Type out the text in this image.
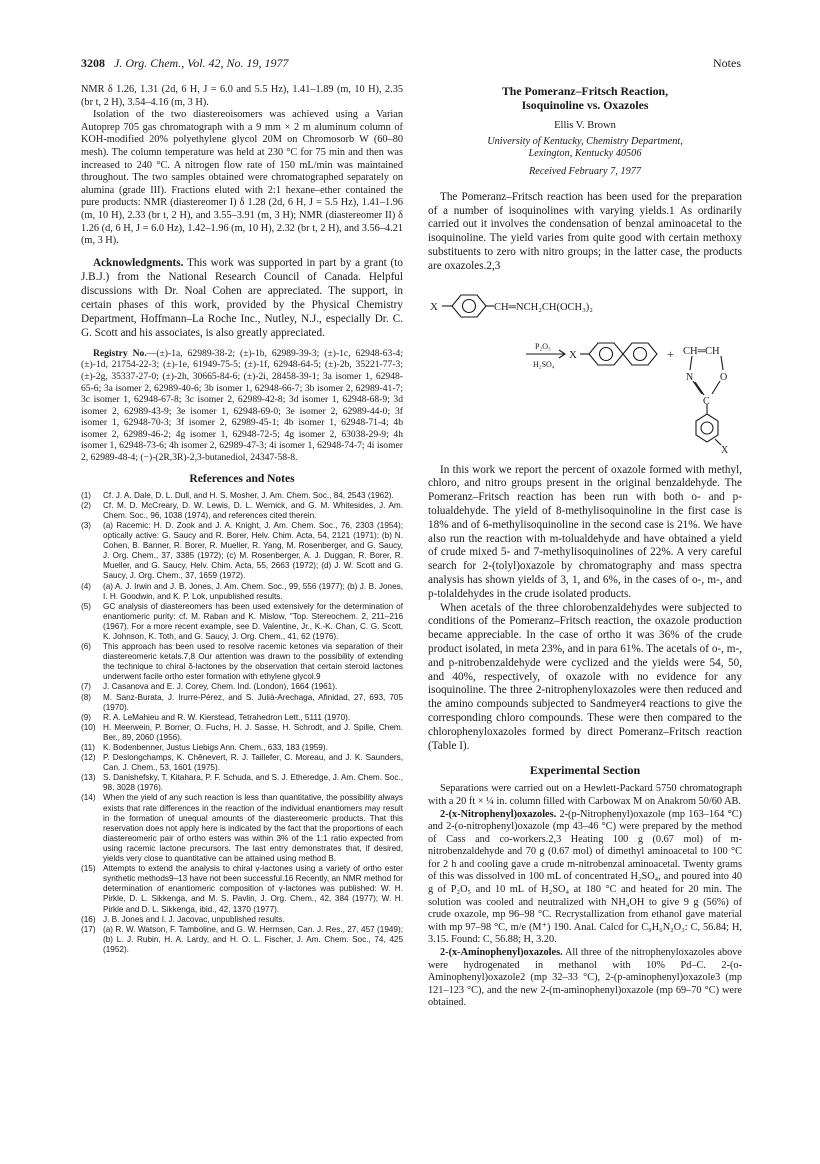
3208 J. Org. Chem., Vol. 42, No. 19, 1977	Notes

NMR δ 1.26, 1.31 (2d, 6 H, J = 6.0 and 5.5 Hz), 1.41–1.89 (m, 10 H), 2.35 (br t, 2 H), 3.54–4.16 (m, 3 H).

Isolation of the two diastereoisomers was achieved using a Varian Autoprep 705 gas chromatograph with a 9 mm × 2 m aluminum column of KOH-modified 20% polyethylene glycol 20M on Chromosorb W (60–80 mesh). The column temperature was held at 230 °C for 75 min and then was increased to 240 °C. A nitrogen flow rate of 150 mL/min was maintained throughout. The two samples obtained were chromatographed separately on alumina (grade III). Fractions eluted with 2:1 hexane–ether contained the pure products: NMR (diastereomer I) δ 1.28 (2d, 6 H, J = 5.5 Hz), 1.41–1.96 (m, 10 H), 2.33 (br t, 2 H), and 3.55–3.91 (m, 3 H); NMR (diastereomer II) δ 1.26 (d, 6 H, J = 6.0 Hz), 1.42–1.96 (m, 10 H), 2.32 (br t, 2 H), and 3.56–4.21 (m, 3 H).

Acknowledgments. This work was supported in part by a grant (to J.B.J.) from the National Research Council of Canada. Helpful discussions with Dr. Noal Cohen are appreciated. The support, in certain phases of this work, provided by the Physical Chemistry Department, Hoffmann–La Roche Inc., Nutley, N.J., especially Dr. C. G. Scott and his associates, is also greatly appreciated.

Registry No.—(±)-1a, 62989-38-2; (±)-1b, 62989-39-3; (±)-1c, 62948-63-4; (±)-1d, 21754-22-3; (±)-1e, 61949-75-5; (±)-1f, 62948-64-5; (±)-2b, 35221-77-3; (±)-2g, 35337-27-0; (±)-2h, 30665-84-6; (±)-2i, 28458-39-1; 3a isomer 1, 62948-65-6; 3a isomer 2, 62989-40-6; 3b isomer 1, 62948-66-7; 3b isomer 2, 62989-41-7; 3c isomer 1, 62948-67-8; 3c isomer 2, 62989-42-8; 3d isomer 1, 62948-68-9; 3d isomer 2, 62989-43-9; 3e isomer 1, 62948-69-0; 3e isomer 2, 62989-44-0; 3f isomer 1, 62948-70-3; 3f isomer 2, 62989-45-1; 4b isomer 1, 62948-71-4; 4b isomer 2, 62989-46-2; 4g isomer 1, 62948-72-5; 4g isomer 2, 63038-29-9; 4h isomer 1, 62948-73-6; 4h isomer 2, 62989-47-3; 4i isomer 1, 62948-74-7; 4i isomer 2, 62989-48-4; (−)-(2R,3R)-2,3-butanediol, 24347-58-8.

References and Notes
(1) Cf. J. A. Dale, D. L. Dull, and H. S. Mosher, J. Am. Chem. Soc., 84, 2543 (1962).
(2) Cf. M. D. McCreary, D. W. Lewis, D. L. Wernick, and G. M. Whitesides, J. Am. Chem. Soc., 96, 1038 (1974), and references cited therein.
(3) (a) Racemic: H. D. Zook and J. A. Knight, J. Am. Chem. Soc., 76, 2303 (1954); optically active: G. Saucy and R. Borer, Helv. Chim. Acta, 54, 2121 (1971); (b) N. Cohen, B. Banner, R. Borer, R. Mueller, R. Yang, M. Rosenberger, and G. Saucy, J. Org. Chem., 37, 3385 (1972); (c) M. Rosenberger, A. J. Duggan, R. Borer, R. Mueller, and G. Saucy, Helv. Chim. Acta, 55, 2663 (1972); (d) J. W. Scott and G. Saucy, J. Org. Chem., 37, 1659 (1972).
(4) (a) A. J. Irwin and J. B. Jones, J. Am. Chem. Soc., 99, 556 (1977); (b) J. B. Jones, I. H. Goodwin, and K. P. Lok, unpublished results.
(5) GC analysis of diastereomers has been used extensively for the determination of enantiomeric purity: cf. M. Raban and K. Mislow, "Top. Stereochem. 2, 211–216 (1967). For a more recent example, see D. Valentine, Jr., K.-K. Chan, C. G. Scott, K. Johnson, K. Toth, and G. Saucy, J. Org. Chem., 41, 62 (1976).
(6) This approach has been used to resolve racemic ketones via separation of their diastereomeric ketals.7,8 Our attention was drawn to the possibility of extending the technique to chiral δ-lactones by the observation that certain steroid lactones underwent facile ortho ester formation with ethylene glycol.9
(7) J. Casanova and E. J. Corey, Chem. Ind. (London), 1664 (1961).
(8) M. Sanz-Burata, J. Irurre-Pérez, and S. Julià-Arechaga, Afinidad, 27, 693, 705 (1970).
(9) R. A. LeMahieu and R. W. Kierstead, Tetrahedron Lett., 5111 (1970).
(10) H. Meerwein, P. Borner, O. Fuchs, H. J. Sasse, H. Schrodt, and J. Spille, Chem. Ber., 89, 2060 (1956).
(11) K. Bodenbenner, Justus Liebigs Ann. Chem., 633, 183 (1959).
(12) P. Deslongchamps, K. Chênevert, R. J. Taillefer, C. Moreau, and J. K. Saunders, Can. J. Chem., 53, 1601 (1975).
(13) S. Danishefsky, T. Kitahara, P. F. Schuda, and S. J. Etheredge, J. Am. Chem. Soc., 98, 3028 (1976).
(14) When the yield of any such reaction is less than quantitative, the possibility always exists that rate differences in the reaction of the individual enantiomers may result in the formation of unequal amounts of the diastereomeric products. That this reservation does not apply here is indicated by the fact that the proportions of each diastereomeric pair of ortho esters was within 3% of the 1:1 ratio expected from using racemic lactone precursors. The last entry demonstrates that, if desired, yields very close to quantitative can be attained using method B.
(15) Attempts to extend the analysis to chiral γ-lactones using a variety of ortho ester synthetic methods9–13 have not been successful.16 Recently, an NMR method for determination of enantiomeric composition of γ-lactones was published: W. H. Pirkle, D. L. Sikkenga, and M. S. Pavlin, J. Org. Chem., 42, 384 (1977); W. H. Pirkle and D. L. Sikkenga, ibid., 42, 1370 (1977).
(16) J. B. Jones and I. J. Jacovac, unpublished results.
(17) (a) R. W. Watson, F. Tamboline, and G. W. Hermsen, Can. J. Res., 27, 457 (1949); (b) L. J. Rubin, H. A. Lardy, and H. O. L. Fischer, J. Am. Chem. Soc., 74, 425 (1952).
The Pomeranz–Fritsch Reaction,
Isoquinoline vs. Oxazoles
Ellis V. Brown
University of Kentucky, Chemistry Department,
Lexington, Kentucky 40506
Received February 7, 1977

The Pomeranz–Fritsch reaction has been used for the preparation of a number of isoquinolines with varying yields.1 As ordinarily carried out it involves the condensation of benzal aminoacetal to the isoquinoline. The yield varies from quite good with certain methoxy substituents to zero with nitro groups; in the latter case, the products are oxazoles.2,3

X	CH═NCH₂CH(OCH₃)₂
P₂O₅
H₂SO₄
X	+ CH═CH
N	O
C
X

In this work we report the percent of oxazole formed with methyl, chloro, and nitro groups present in the original benzaldehyde. The Pomeranz–Fritsch reaction has been run with both o- and p-tolualdehyde. The yield of 8-methylisoquinoline in the first case is 18% and of 6-methylisoquinoline in the second case is 21%. We have also run the reaction with m-tolualdehyde and have obtained a yield of crude mixed 5- and 7-methylisoquinolines of 22%. A very careful search for 2-(tolyl)oxazole by chromatography and mass spectra analysis has shown yields of 3, 1, and 6%, in the cases of o-, m-, and p-tolaldehydes in the crude isolated products.

When acetals of the three chlorobenzaldehydes were subjected to conditions of the Pomeranz–Fritsch reaction, the oxazole production became appreciable. In the case of ortho it was 36% of the crude product isolated, in meta 23%, and in para 61%. The acetals of o-, m-, and p-nitrobenzaldehyde were cyclized and the yields were 54, 50, and 40%, respectively, of oxazole with no evidence for any isoquinoline. The three 2-nitrophenyloxazoles were then reduced and the amino compounds subjected to Sandmeyer4 reactions to give the corresponding chloro compounds. These were then compared to the chlorophenyloxazoles formed by direct Pomeranz–Fritsch reaction (Table I).

Experimental Section

Separations were carried out on a Hewlett-Packard 5750 chromatograph with a 20 ft × ¼ in. column filled with Carbowax M on Anakrom 50/60 AB.

2-(x-Nitrophenyl)oxazoles. 2-(p-Nitrophenyl)oxazole (mp 163–164 °C) and 2-(o-nitrophenyl)oxazole (mp 43–46 °C) were prepared by the method of Cass and co-workers.2,3 Heating 100 g (0.67 mol) of m-nitrobenzaldehyde and 70 g (0.67 mol) of dimethyl aminoacetal to 100 °C for 2 h and cooling gave a crude m-nitrobenzal aminoacetal. Twenty grams of this was dissolved in 100 mL of concentrated H₂SO₄, and poured into 40 g of P₂O₅ and 10 mL of H₂SO₄ at 180 °C and heated for 20 min. The solution was cooled and neutralized with NH₄OH to give 9 g (56%) of crude oxazole, mp 96–98 °C. Recrystallization from ethanol gave material with mp 97–98 °C, m/e (M⁺) 190. Anal. Calcd for C₉H₆N₂O₃: C, 56.84; H, 3.15. Found: C, 56.88; H, 3.20.

2-(x-Aminophenyl)oxazoles. All three of the nitrophenyloxazoles above were hydrogenated in methanol with 10% Pd–C. 2-(o-Aminophenyl)oxazole2 (mp 32–33 °C), 2-(p-aminophenyl)oxazole3 (mp 121–123 °C), and the new 2-(m-aminophenyl)oxazole (mp 69–70 °C) were obtained.
